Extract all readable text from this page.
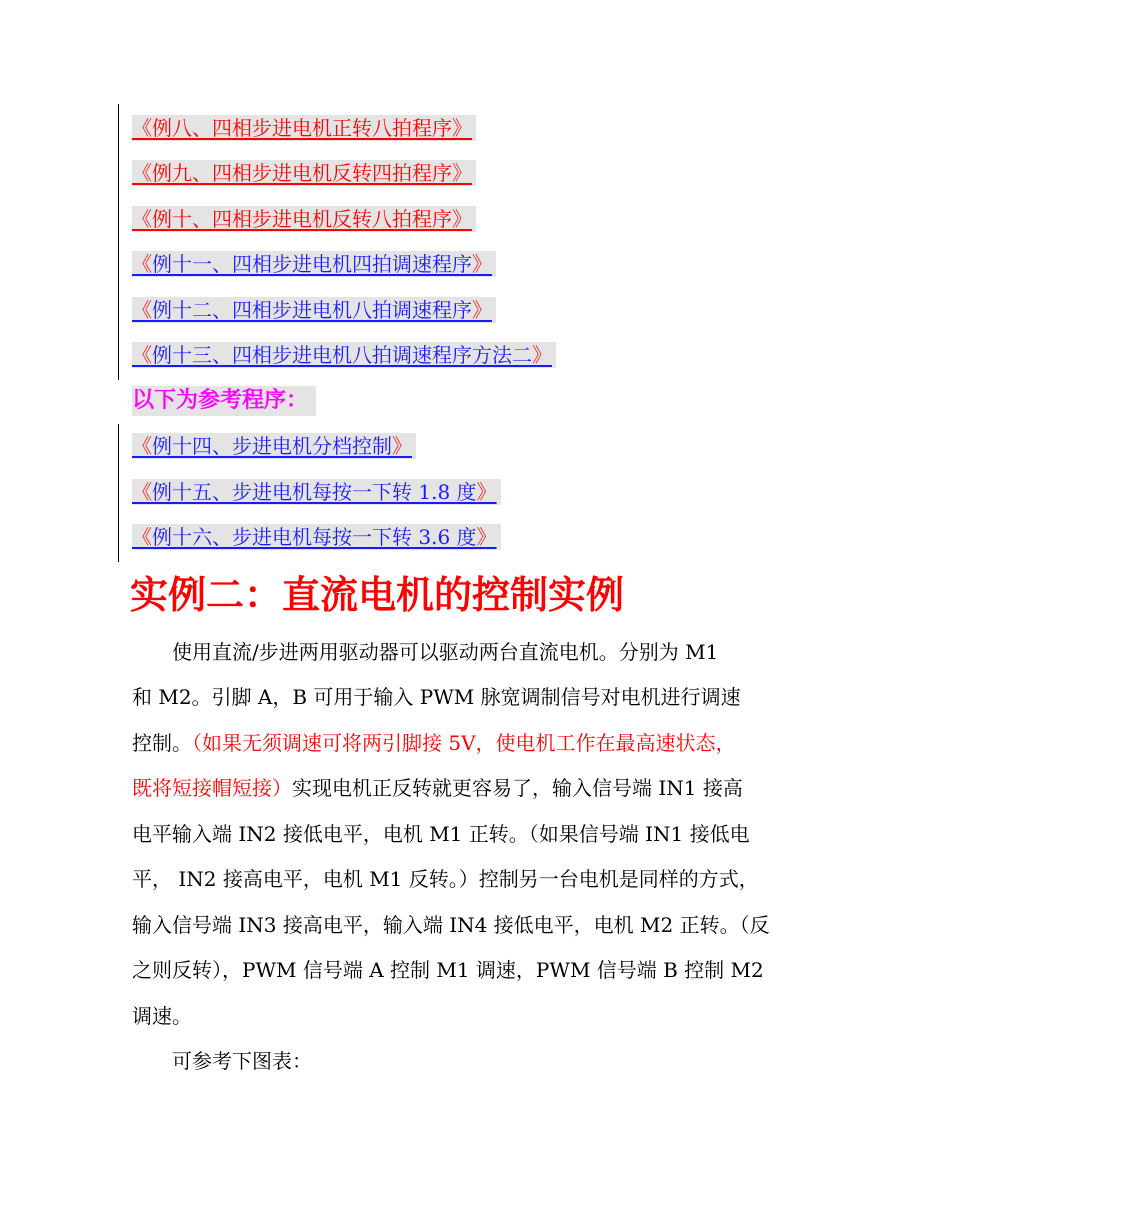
《例八、四相步进电机正转八拍程序》
《例九、四相步进电机反转四拍程序》
《例十、四相步进电机反转八拍程序》
《例十一、四相步进电机四拍调速程序》
《例十二、四相步进电机八拍调速程序》
《例十三、四相步进电机八拍调速程序方法二》
以下为参考程序：
《例十四、步进电机分档控制》
《例十五、步进电机每按一下转 1.8 度》
《例十六、步进电机每按一下转 3.6 度》
实例二：直流电机的控制实例
使用直流/步进两用驱动器可以驱动两台直流电机。分别为 M1
和 M2。引脚 A，B 可用于输入 PWM 脉宽调制信号对电机进行调速
控制。（如果无须调速可将两引脚接 5V，使电机工作在最高速状态，
既将短接帽短接）实现电机正反转就更容易了，输入信号端 IN1 接高
电平输入端 IN2 接低电平，电机 M1 正转。（如果信号端 IN1 接低电
平， IN2 接高电平，电机 M1 反转。）控制另一台电机是同样的方式，
输入信号端 IN3 接高电平，输入端 IN4 接低电平，电机 M2 正转。（反
之则反转），PWM 信号端 A 控制 M1 调速，PWM 信号端 B 控制 M2
调速。
可参考下图表：
